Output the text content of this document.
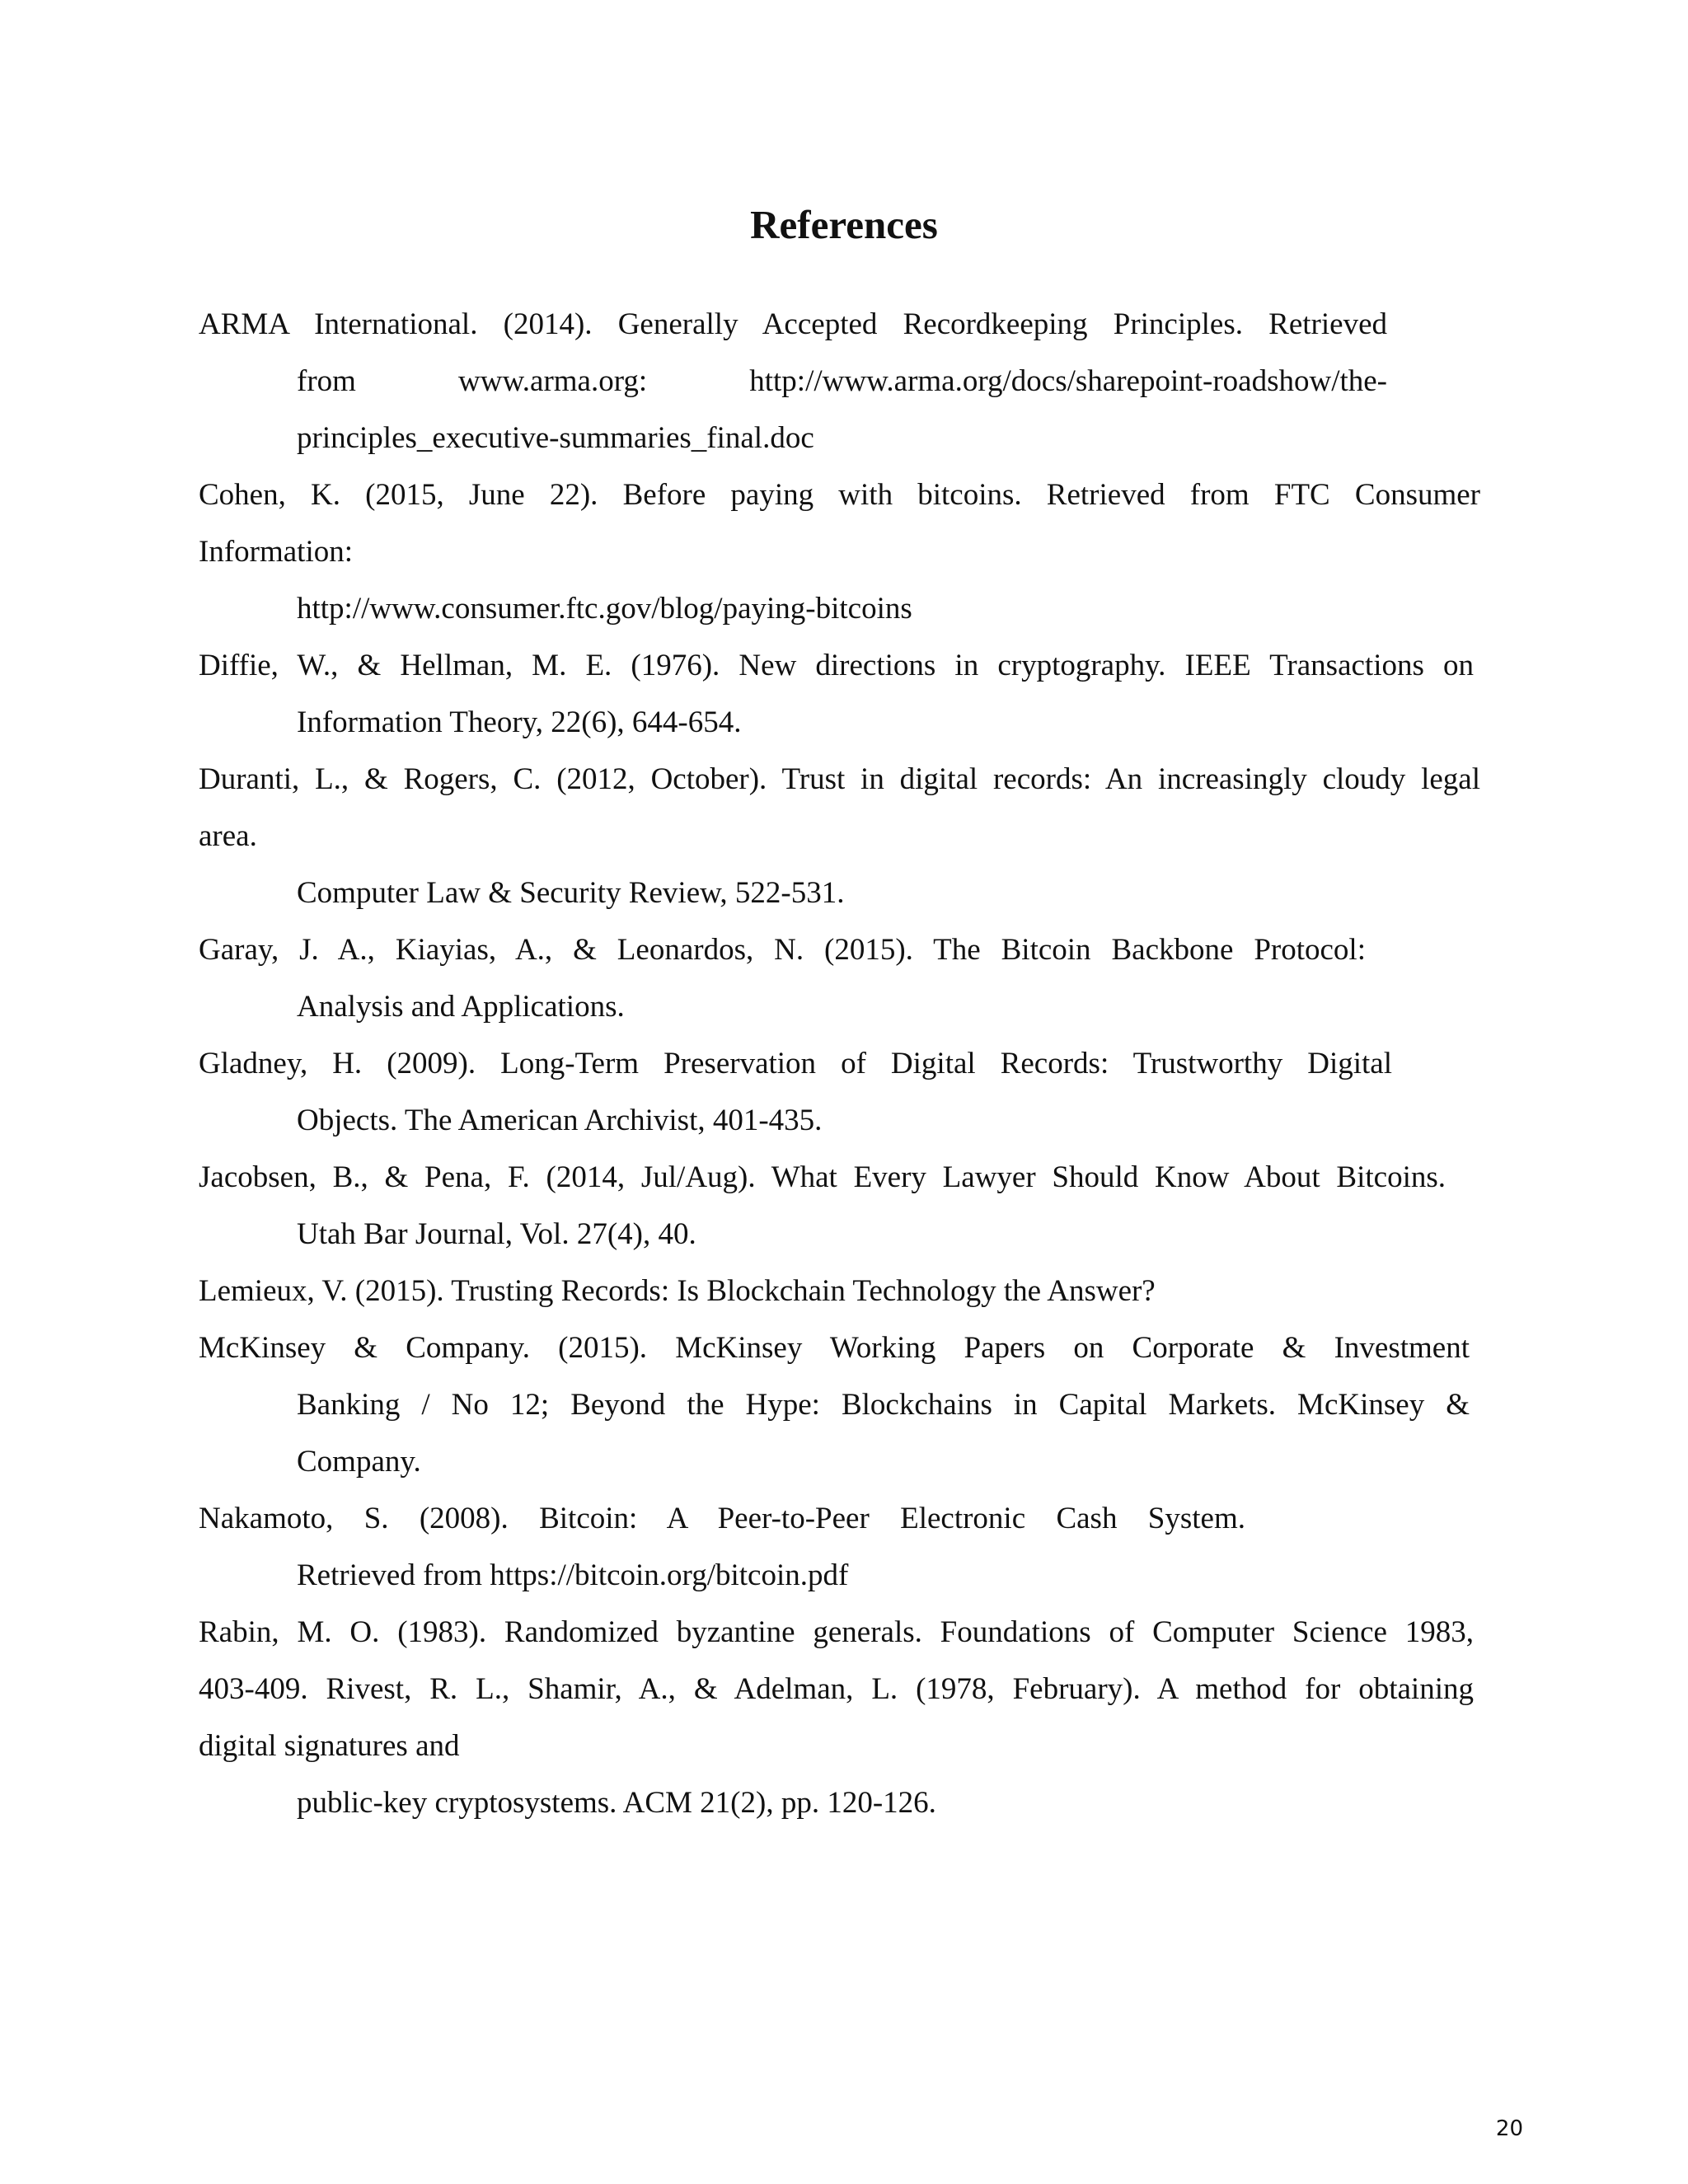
References

ARMA International. (2014). Generally Accepted Recordkeeping Principles. Retrieved

from www.arma.org: http://www.arma.org/docs/sharepoint-roadshow/the-

principles_executive-summaries_final.doc

Cohen, K. (2015, June 22). Before paying with bitcoins. Retrieved from FTC Consumer

Information:

http://www.consumer.ftc.gov/blog/paying-bitcoins

Diffie, W., & Hellman, M. E. (1976). New directions in cryptography. IEEE Transactions on

Information Theory, 22(6), 644-654.

Duranti, L., & Rogers, C. (2012, October). Trust in digital records: An increasingly cloudy legal

area.

Computer Law & Security Review, 522-531.

Garay, J. A., Kiayias, A., & Leonardos, N. (2015). The Bitcoin Backbone Protocol:

Analysis and Applications.

Gladney, H. (2009). Long-Term Preservation of Digital Records: Trustworthy Digital

Objects. The American Archivist, 401-435.

Jacobsen, B., & Pena, F. (2014, Jul/Aug). What Every Lawyer Should Know About Bitcoins.

Utah Bar Journal, Vol. 27(4), 40.

Lemieux, V. (2015). Trusting Records: Is Blockchain Technology the Answer?

McKinsey & Company. (2015). McKinsey Working Papers on Corporate & Investment

Banking / No 12; Beyond the Hype: Blockchains in Capital Markets. McKinsey &

Company.

Nakamoto, S. (2008). Bitcoin: A Peer-to-Peer Electronic Cash System.

Retrieved from https://bitcoin.org/bitcoin.pdf

Rabin, M. O. (1983). Randomized byzantine generals. Foundations of Computer Science 1983,

403-409. Rivest, R. L., Shamir, A., & Adelman, L. (1978, February). A method for obtaining

digital signatures and

public-key cryptosystems. ACM 21(2), pp. 120-126.

20
